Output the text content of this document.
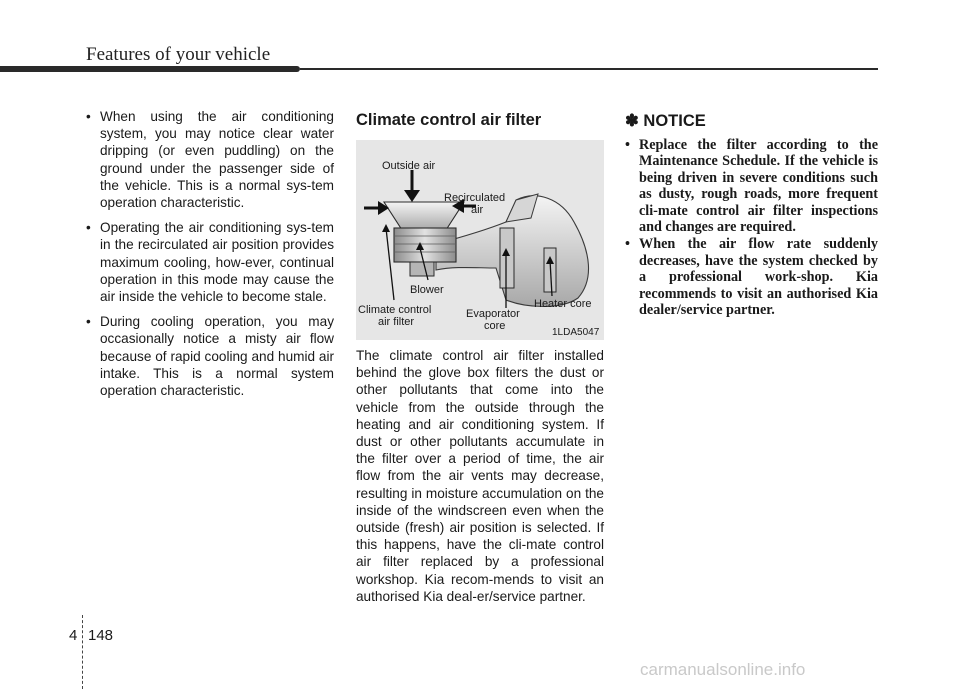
Features of your vehicle
• When using the air conditioning system, you may notice clear water dripping (or even puddling) on the ground under the passenger side of the vehicle. This is a normal sys-tem operation characteristic.
• Operating the air conditioning sys-tem in the recirculated air position provides maximum cooling, how-ever, continual operation in this mode may cause the air inside the vehicle to become stale.
• During cooling operation, you may occasionally notice a misty air flow because of rapid cooling and humid air intake. This is a normal system operation characteristic.
Climate control air filter
Outside air
Recirculated
air
Blower
Climate control
air filter
Evaporator
core
Heater core
1LDA5047

The climate control air filter installed behind the glove box filters the dust or other pollutants that come into the vehicle from the outside through the heating and air conditioning system. If dust or other pollutants accumulate in the filter over a period of time, the air flow from the air vents may decrease, resulting in moisture accumulation on the inside of the windscreen even when the outside (fresh) air position is selected. If this happens, have the cli-mate control air filter replaced by a professional workshop. Kia recom-mends to visit an authorised Kia deal-er/service partner.

✽ NOTICE
• Replace the filter according to the Maintenance Schedule. If the vehicle is being driven in severe conditions such as dusty, rough roads, more frequent cli-mate control air filter inspections and changes are required.
• When the air flow rate suddenly decreases, have the system checked by a professional work-shop. Kia recommends to visit an authorised Kia dealer/service partner.
4 148
carmanualsonline.info
